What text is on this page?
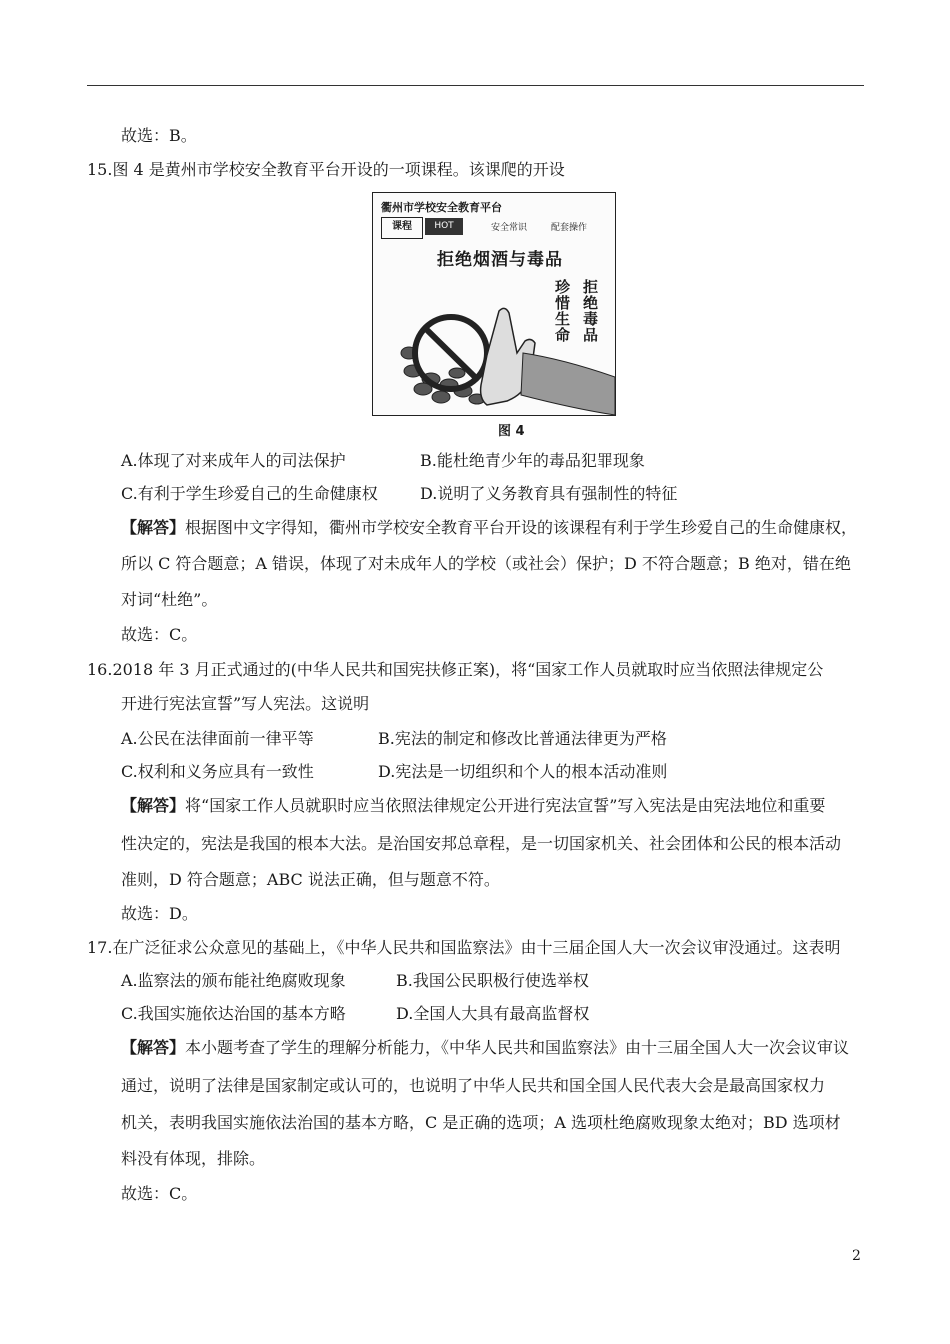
故选：B。
15.图 4 是黄州市学校安全教育平台开设的一项课程。该课爬的开设
衢州市学校安全教育平台
课程	HOT	安全常识	配套操作
拒绝烟酒与毒品
珍惜生命 拒绝毒品
图 4
A.体现了对来成年人的司法保护	B.能杜绝青少年的毒品犯罪现象
C.有利于学生珍爱自己的生命健康权	D.说明了义务教育具有强制性的特征
【解答】根据图中文字得知，衢州市学校安全教育平台开设的该课程有利于学生珍爱自己的生命健康权，
所以 C 符合题意；A 错误，体现了对未成年人的学校（或社会）保护；D 不符合题意；B 绝对，错在绝
对词“杜绝”。
故选：C。
16.2018 年 3 月正式通过的(中华人民共和国宪扶修正案)，将“国家工作人员就取时应当依照法律规定公
开进行宪法宣誓”写人宪法。这说明
A.公民在法律面前一律平等	B.宪法的制定和修改比普通法律更为严格
C.权利和义务应具有一致性	D.宪法是一切组织和个人的根本活动准则
【解答】将“国家工作人员就职时应当依照法律规定公开进行宪法宣誓”写入宪法是由宪法地位和重要
性决定的，宪法是我国的根本大法。是治国安邦总章程，是一切国家机关、社会团体和公民的根本活动
准则，D 符合题意；ABC 说法正确，但与题意不符。
故选：D。
17.在广泛征求公众意见的基础上，《中华人民共和国监察法》由十三届企国人大一次会议审没通过。这表明
A.监察法的颁布能社绝腐败现象	B.我国公民职极行使选举权
C.我国实施依达治国的基本方略	D.全国人大具有最高监督权
【解答】本小题考查了学生的理解分析能力，《中华人民共和国监察法》由十三届全国人大一次会议审议
通过，说明了法律是国家制定或认可的，也说明了中华人民共和国全国人民代表大会是最高国家权力
机关，表明我国实施依法治国的基本方略，C 是正确的选项；A 选项杜绝腐败现象太绝对；BD 选项材
料没有体现，排除。
故选：C。
2
